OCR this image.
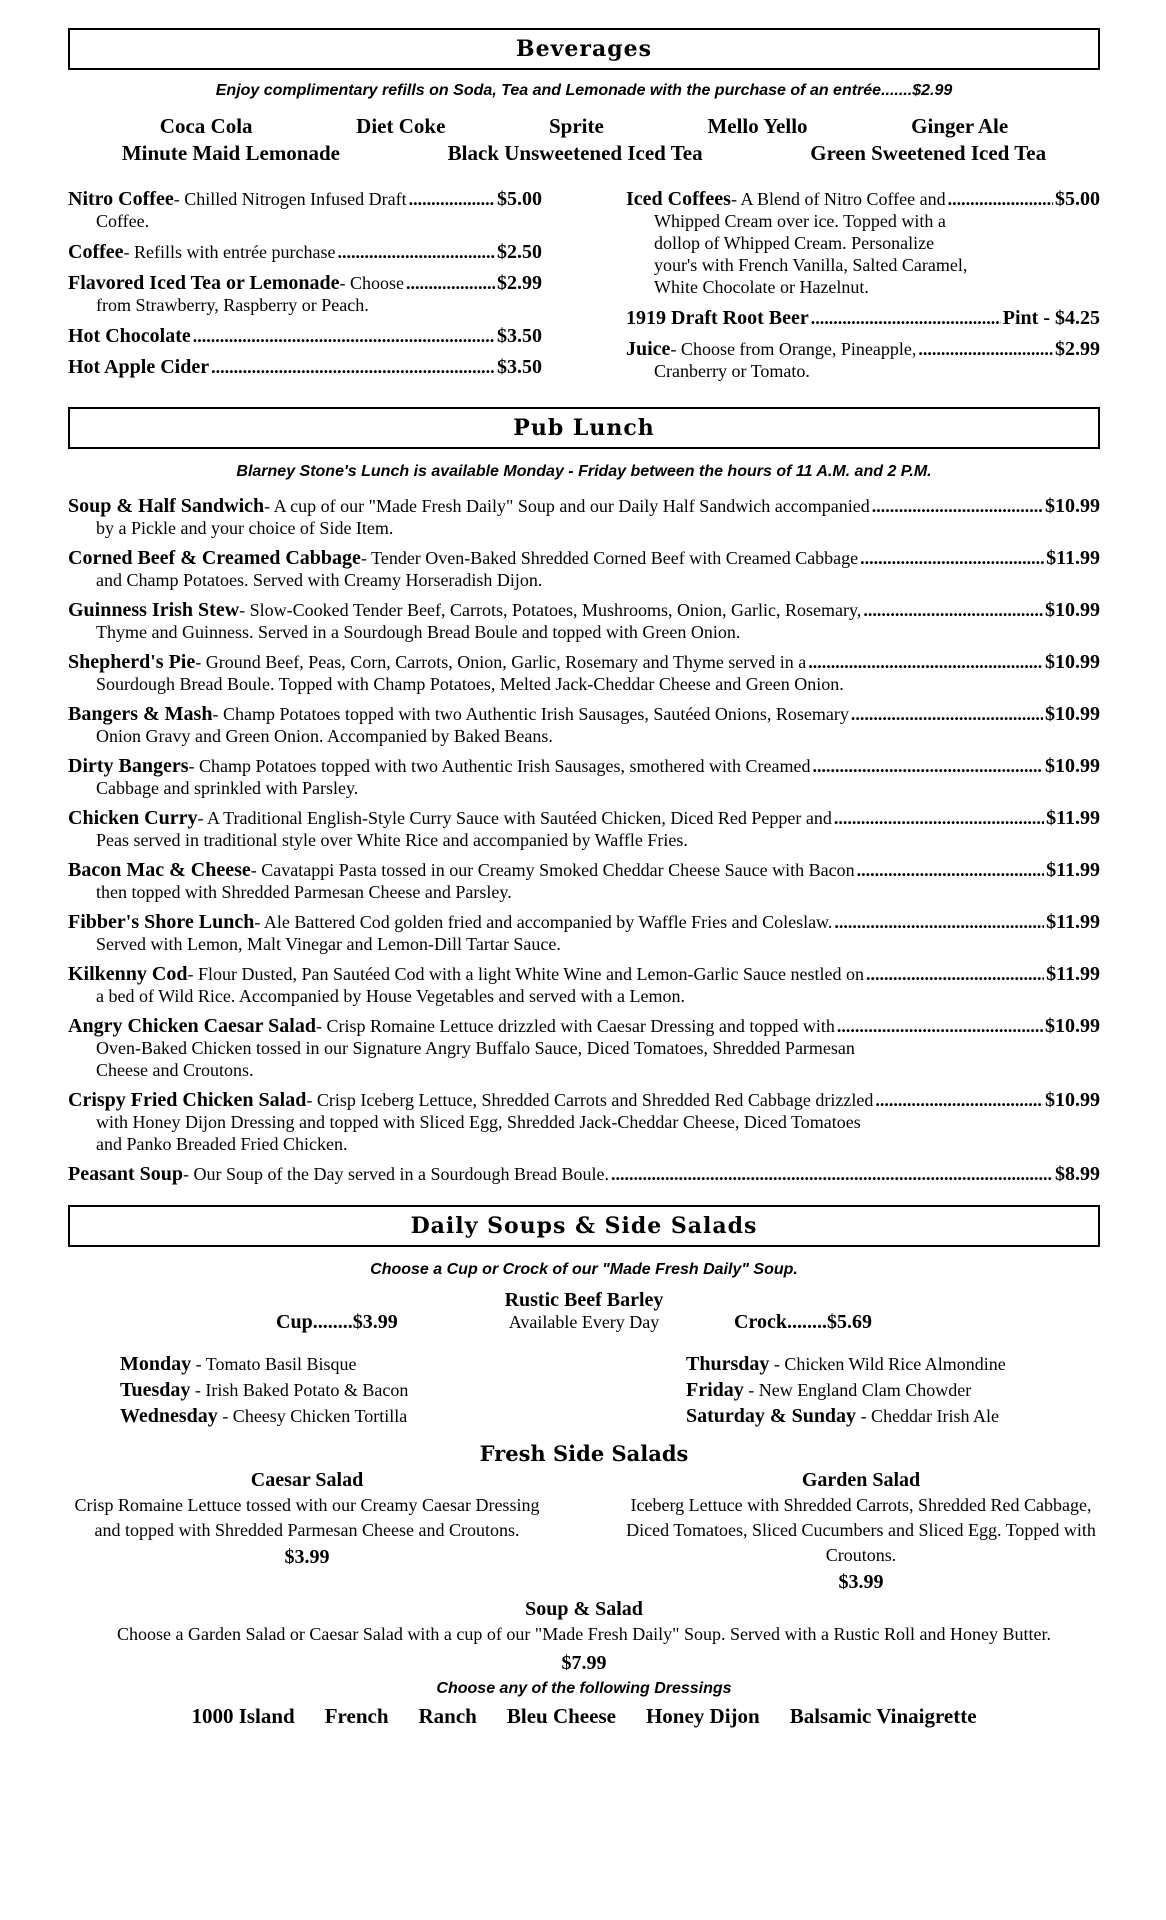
Beverages
Enjoy complimentary refills on Soda, Tea and Lemonade with the purchase of an entrée.......$2.99
Coca Cola	Diet Coke	Sprite	Mello Yello	Ginger Ale
Minute Maid Lemonade	Black Unsweetened Iced Tea	Green Sweetened Iced Tea
Nitro Coffee - Chilled Nitrogen Infused Draft .....	$5.00
Coffee.
Coffee - Refills with entrée purchase .....	$2.50
Flavored Iced Tea or Lemonade - Choose .....	$2.99
from Strawberry, Raspberry or Peach.
Hot Chocolate .....	$3.50
Hot Apple Cider .....	$3.50
Iced Coffees - A Blend of Nitro Coffee and .....	$5.00
Whipped Cream over ice. Topped with a
dollop of Whipped Cream. Personalize
your's with French Vanilla, Salted Caramel,
White Chocolate or Hazelnut.
1919 Draft Root Beer .....	Pint - $4.25
Juice - Choose from Orange, Pineapple, .....	$2.99
Cranberry or Tomato.
Pub Lunch
Blarney Stone's Lunch is available Monday - Friday between the hours of 11 A.M. and 2 P.M.
Soup & Half Sandwich - A cup of our "Made Fresh Daily" Soup and our Daily Half Sandwich accompanied .....	$10.99
by a Pickle and your choice of Side Item.
Corned Beef & Creamed Cabbage - Tender Oven-Baked Shredded Corned Beef with Creamed Cabbage .....	$11.99
and Champ Potatoes. Served with Creamy Horseradish Dijon.
Guinness Irish Stew - Slow-Cooked Tender Beef, Carrots, Potatoes, Mushrooms, Onion, Garlic, Rosemary, .....	$10.99
Thyme and Guinness. Served in a Sourdough Bread Boule and topped with Green Onion.
Shepherd's Pie - Ground Beef, Peas, Corn, Carrots, Onion, Garlic, Rosemary and Thyme served in a .....	$10.99
Sourdough Bread Boule. Topped with Champ Potatoes, Melted Jack-Cheddar Cheese and Green Onion.
Bangers & Mash - Champ Potatoes topped with two Authentic Irish Sausages, Sautéed Onions, Rosemary .....	$10.99
Onion Gravy and Green Onion. Accompanied by Baked Beans.
Dirty Bangers - Champ Potatoes topped with two Authentic Irish Sausages, smothered with Creamed .....	$10.99
Cabbage and sprinkled with Parsley.
Chicken Curry - A Traditional English-Style Curry Sauce with Sautéed Chicken, Diced Red Pepper and .....	$11.99
Peas served in traditional style over White Rice and accompanied by Waffle Fries.
Bacon Mac & Cheese - Cavatappi Pasta tossed in our Creamy Smoked Cheddar Cheese Sauce with Bacon .....	$11.99
then topped with Shredded Parmesan Cheese and Parsley.
Fibber's Shore Lunch - Ale Battered Cod golden fried and accompanied by Waffle Fries and Coleslaw. .....	$11.99
Served with Lemon, Malt Vinegar and Lemon-Dill Tartar Sauce.
Kilkenny Cod - Flour Dusted, Pan Sautéed Cod with a light White Wine and Lemon-Garlic Sauce nestled on .....	$11.99
a bed of Wild Rice. Accompanied by House Vegetables and served with a Lemon.
Angry Chicken Caesar Salad - Crisp Romaine Lettuce drizzled with Caesar Dressing and topped with .....	$10.99
Oven-Baked Chicken tossed in our Signature Angry Buffalo Sauce, Diced Tomatoes, Shredded Parmesan
Cheese and Croutons.
Crispy Fried Chicken Salad - Crisp Iceberg Lettuce, Shredded Carrots and Shredded Red Cabbage drizzled .....	$10.99
with Honey Dijon Dressing and topped with Sliced Egg, Shredded Jack-Cheddar Cheese, Diced Tomatoes
and Panko Breaded Fried Chicken.
Peasant Soup - Our Soup of the Day served in a Sourdough Bread Boule. .....	$8.99
Daily Soups & Side Salads
Choose a Cup or Crock of our "Made Fresh Daily" Soup.
Rustic Beef Barley
Available Every Day
Cup........$3.99	Crock........$5.69
Monday - Tomato Basil Bisque
Tuesday - Irish Baked Potato & Bacon
Wednesday - Cheesy Chicken Tortilla
Thursday - Chicken Wild Rice Almondine
Friday - New England Clam Chowder
Saturday & Sunday - Cheddar Irish Ale
Fresh Side Salads
Caesar Salad
Crisp Romaine Lettuce tossed with our Creamy Caesar Dressing and topped with Shredded Parmesan Cheese and Croutons.
$3.99
Garden Salad
Iceberg Lettuce with Shredded Carrots, Shredded Red Cabbage, Diced Tomatoes, Sliced Cucumbers and Sliced Egg. Topped with Croutons.
$3.99
Soup & Salad
Choose a Garden Salad or Caesar Salad with a cup of our "Made Fresh Daily" Soup. Served with a Rustic Roll and Honey Butter.
$7.99
Choose any of the following Dressings
1000 Island French Ranch Bleu Cheese Honey Dijon Balsamic Vinaigrette
